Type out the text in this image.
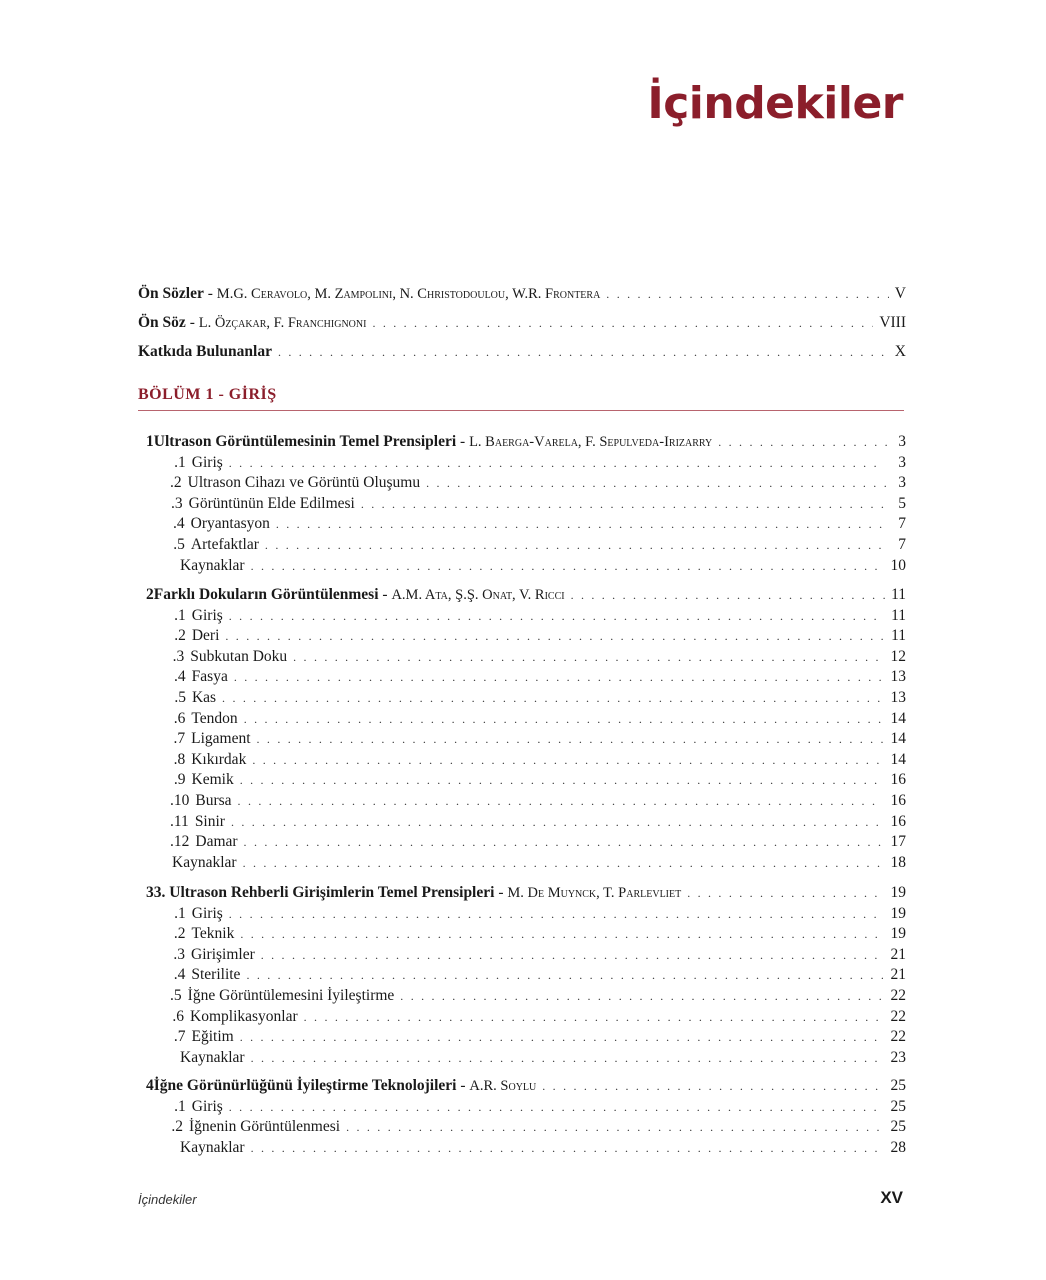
İçindekiler
Ön Sözler - M.G. Ceravolo, M. Zampolini, N. Christodoulou, W.R. Frontera . . .	V
Ön Söz - L. Özçakar, F. Franchignoni . . .	VIII
Katkıda Bulunanlar . . .	X
BÖLÜM 1 - GİRİŞ
1 Ultrason Görüntülemesinin Temel Prensipleri - L. Baerga-Varela, F. Sepulveda-Irizarry . . .	3
.1 Giriş . . .	3
.2 Ultrason Cihazı ve Görüntü Oluşumu . . .	3
.3 Görüntünün Elde Edilmesi . . .	5
.4 Oryantasyon . . .	7
.5 Artefaktlar . . .	7
Kaynaklar . . .	10
2 Farklı Dokuların Görüntülenmesi - A.M. Ata, Ş.Ş. Onat, V. Ricci . . .	11
.1 Giriş . . .	11
.2 Deri . . .	11
.3 Subkutan Doku . . .	12
.4 Fasya . . .	13
.5 Kas . . .	13
.6 Tendon . . .	14
.7 Ligament . . .	14
.8 Kıkırdak . . .	14
.9 Kemik . . .	16
.10 Bursa . . .	16
.11 Sinir . . .	16
.12 Damar . . .	17
Kaynaklar . . .	18
3 3. Ultrason Rehberli Girişimlerin Temel Prensipleri - M. De Muynck, T. Parlevliet . . .	19
.1 Giriş . . .	19
.2 Teknik . . .	19
.3 Girişimler . . .	21
.4 Sterilite . . .	21
.5 İğne Görüntülemesini İyileştirme . . .	22
.6 Komplikasyonlar . . .	22
.7 Eğitim . . .	22
Kaynaklar . . .	23
4 İğne Görünürlüğünü İyileştirme Teknolojileri - A.R. Soylu . . .	25
.1 Giriş . . .	25
.2 İğnenin Görüntülenmesi . . .	25
Kaynaklar . . .	28
İçindekiler	XV
